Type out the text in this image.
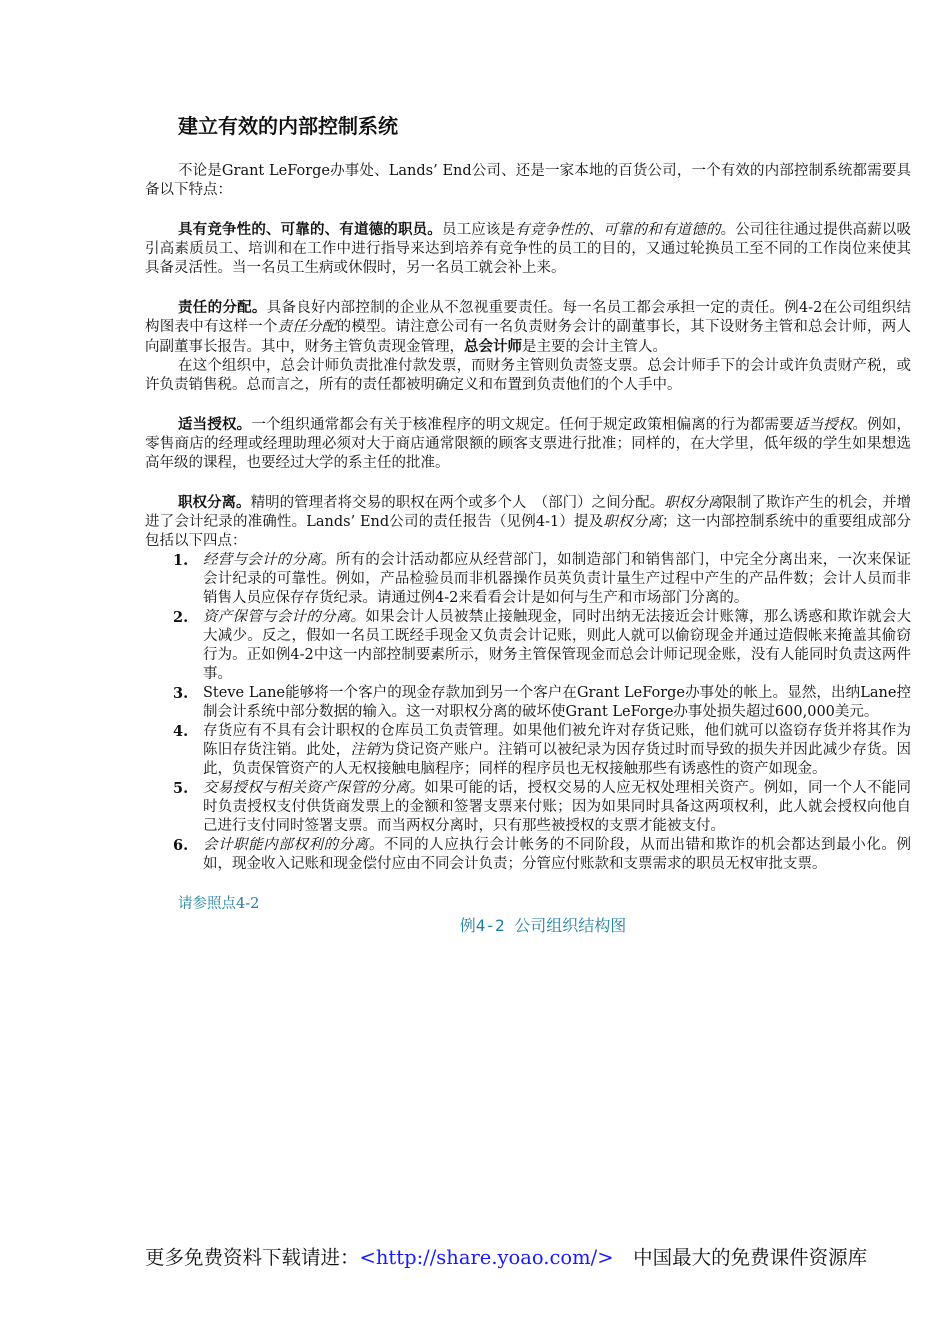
建立有效的内部控制系统

不论是Grant LeForge办事处、Lands’ End公司、还是一家本地的百货公司，一个有效的内部控制系统都需要具备以下特点：

具有竞争性的、可靠的、有道德的职员。员工应该是有竞争性的、可靠的和有道德的。公司往往通过提供高薪以吸引高素质员工、培训和在工作中进行指导来达到培养有竞争性的员工的目的，又通过轮换员工至不同的工作岗位来使其具备灵活性。当一名员工生病或休假时，另一名员工就会补上来。

责任的分配。具备良好内部控制的企业从不忽视重要责任。每一名员工都会承担一定的责任。例4-2在公司组织结构图表中有这样一个责任分配的模型。请注意公司有一名负责财务会计的副董事长，其下设财务主管和总会计师，两人向副董事长报告。其中，财务主管负责现金管理，总会计师是主要的会计主管人。

在这个组织中，总会计师负责批准付款发票，而财务主管则负责签支票。总会计师手下的会计或许负责财产税，或许负责销售税。总而言之，所有的责任都被明确定义和布置到负责他们的个人手中。

适当授权。一个组织通常都会有关于核准程序的明文规定。任何于规定政策相偏离的行为都需要适当授权。例如，零售商店的经理或经理助理必须对大于商店通常限额的顾客支票进行批准；同样的，在大学里，低年级的学生如果想选高年级的课程，也要经过大学的系主任的批准。

职权分离。精明的管理者将交易的职权在两个或多个人　（部门）之间分配。职权分离限制了欺诈产生的机会，并增进了会计纪录的准确性。Lands’ End公司的责任报告（见例4-1）提及职权分离；这一内部控制系统中的重要组成部分包括以下四点：

1. 经营与会计的分离。所有的会计活动都应从经营部门，如制造部门和销售部门，中完全分离出来，一次来保证会计纪录的可靠性。例如，产品检验员而非机器操作员英负责计量生产过程中产生的产品件数；会计人员而非销售人员应保存存货纪录。请通过例4-2来看看会计是如何与生产和市场部门分离的。
2. 资产保管与会计的分离。如果会计人员被禁止接触现金，同时出纳无法接近会计账簿，那么诱惑和欺诈就会大大减少。反之，假如一名员工既经手现金又负责会计记账，则此人就可以偷窃现金并通过造假帐来掩盖其偷窃行为。正如例4-2中这一内部控制要素所示，财务主管保管现金而总会计师记现金账，没有人能同时负责这两件事。
3. Steve Lane能够将一个客户的现金存款加到另一个客户在Grant LeForge办事处的帐上。显然，出纳Lane控制会计系统中部分数据的输入。这一对职权分离的破坏使Grant LeForge办事处损失超过600,000美元。
4. 存货应有不具有会计职权的仓库员工负责管理。如果他们被允许对存货记账，他们就可以盗窃存货并将其作为陈旧存货注销。此处，注销为贷记资产账户。注销可以被纪录为因存货过时而导致的损失并因此减少存货。因此，负责保管资产的人无权接触电脑程序；同样的程序员也无权接触那些有诱惑性的资产如现金。
5. 交易授权与相关资产保管的分离。如果可能的话，授权交易的人应无权处理相关资产。例如，同一个人不能同时负责授权支付供货商发票上的金额和签署支票来付账；因为如果同时具备这两项权利，此人就会授权向他自己进行支付同时签署支票。而当两权分离时，只有那些被授权的支票才能被支付。
6. 会计职能内部权利的分离。不同的人应执行会计帐务的不同阶段，从而出错和欺诈的机会都达到最小化。例如，现金收入记账和现金偿付应由不同会计负责；分管应付账款和支票需求的职员无权审批支票。
请参照点4-2
例4-2 公司组织结构图
更多免费资料下载请进：<http://share.yoao.com/>　中国最大的免费课件资源库
